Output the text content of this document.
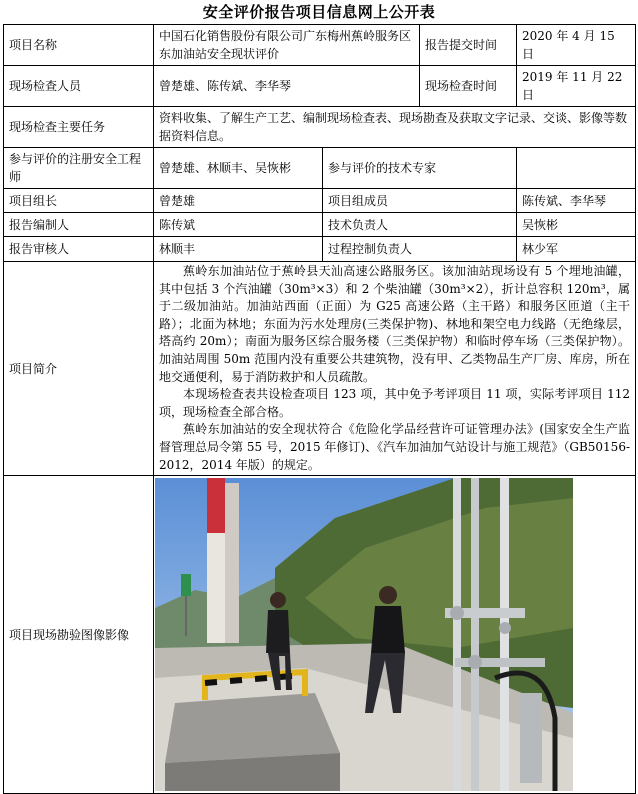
安全评价报告项目信息网上公开表
项目名称	中国石化销售股份有限公司广东梅州蕉岭服务区东加油站安全现状评价		报告提交时间	2020 年 4 月 15 日
现场检查人员	曾楚雄、陈传斌、李华琴		现场检查时间	2019 年 11 月 22 日
现场检查主要任务	资料收集、了解生产工艺、编制现场检查表、现场勘查及获取文字记录、交谈、影像等数据资料信息。			
参与评价的注册安全工程师	曾楚雄、林顺丰、吴恢彬	参与评价的技术专家		
项目组长	曾楚雄	项目组成员		陈传斌、李华琴
报告编制人	陈传斌	技术负责人		吴恢彬
报告审核人	林顺丰	过程控制负责人		林少军
项目简介	蕉岭东加油站位于蕉岭县天汕高速公路服务区。该加油站现场设有 5 个埋地油罐，其中包括 3 个汽油罐（30m³×3）和 2 个柴油罐（30m³×2），折计总容积 120m³，属于二级加油站。加油站西面（正面）为 G25 高速公路（主干路）和服务区匝道（主干路）；北面为林地；东面为污水处理房(三类保护物)、林地和架空电力线路（无绝缘层，塔高约 20m）；南面为服务区综合服务楼（三类保护物）和临时停车场（三类保护物）。加油站周围 50m 范围内没有重要公共建筑物，没有甲、乙类物品生产厂房、库房，所在地交通便利，易于消防救护和人员疏散。

本现场检查表共设检查项目 123 项，其中免予考评项目 11 项，实际考评项目 112 项，现场检查全部合格。

蕉岭东加油站的安全现状符合《危险化学品经营许可证管理办法》(国家安全生产监督管理总局令第 55 号，2015 年修订)、《汽车加油加气站设计与施工规范》（GB50156-2012，2014 年版）的规定。			

项目现场勘验图像影像	
